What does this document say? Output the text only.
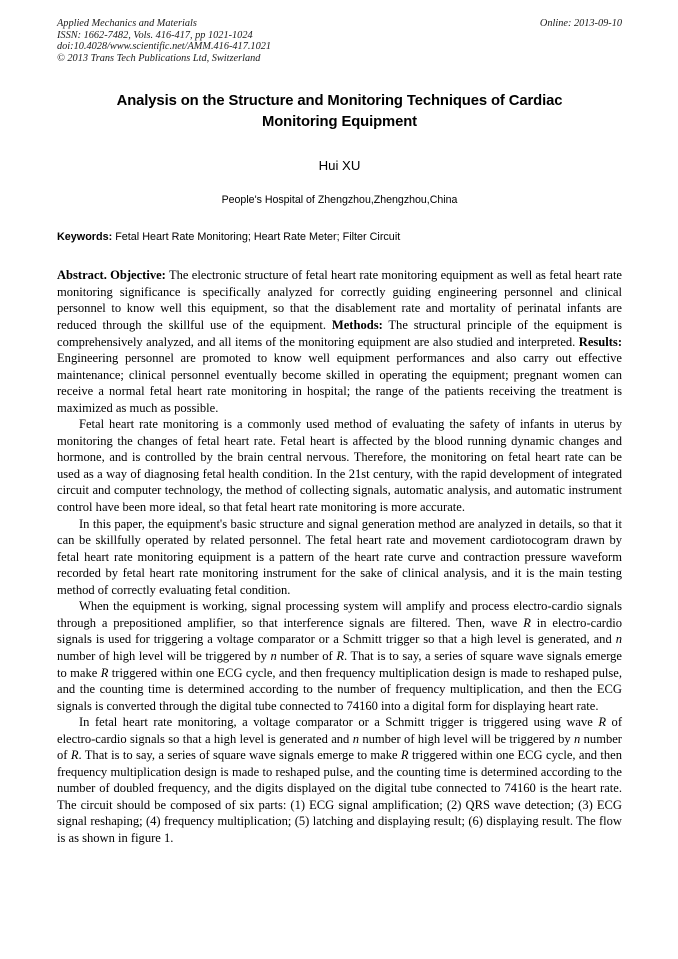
Applied Mechanics and Materials
ISSN: 1662-7482, Vols. 416-417, pp 1021-1024
doi:10.4028/www.scientific.net/AMM.416-417.1021
© 2013 Trans Tech Publications Ltd, Switzerland
Online: 2013-09-10
Analysis on the Structure and Monitoring Techniques of Cardiac Monitoring Equipment
Hui XU
People's Hospital of Zhengzhou,Zhengzhou,China
Keywords: Fetal Heart Rate Monitoring; Heart Rate Meter; Filter Circuit

Abstract. Objective: The electronic structure of fetal heart rate monitoring equipment as well as fetal heart rate monitoring significance is specifically analyzed for correctly guiding engineering personnel and clinical personnel to know well this equipment, so that the disablement rate and mortality of perinatal infants are reduced through the skillful use of the equipment. Methods: The structural principle of the equipment is comprehensively analyzed, and all items of the monitoring equipment are also studied and interpreted. Results: Engineering personnel are promoted to know well equipment performances and also carry out effective maintenance; clinical personnel eventually become skilled in operating the equipment; pregnant women can receive a normal fetal heart rate monitoring in hospital; the range of the patients receiving the treatment is maximized as much as possible.

Fetal heart rate monitoring is a commonly used method of evaluating the safety of infants in uterus by monitoring the changes of fetal heart rate. Fetal heart is affected by the blood running dynamic changes and hormone, and is controlled by the brain central nervous. Therefore, the monitoring on fetal heart rate can be used as a way of diagnosing fetal health condition. In the 21st century, with the rapid development of integrated circuit and computer technology, the method of collecting signals, automatic analysis, and automatic instrument control have been more ideal, so that fetal heart rate monitoring is more accurate.

In this paper, the equipment's basic structure and signal generation method are analyzed in details, so that it can be skillfully operated by related personnel. The fetal heart rate and movement cardiotocogram drawn by fetal heart rate monitoring equipment is a pattern of the heart rate curve and contraction pressure waveform recorded by fetal heart rate monitoring instrument for the sake of clinical analysis, and it is the main testing method of correctly evaluating fetal condition.

When the equipment is working, signal processing system will amplify and process electro-cardio signals through a prepositioned amplifier, so that interference signals are filtered. Then, wave R in electro-cardio signals is used for triggering a voltage comparator or a Schmitt trigger so that a high level is generated, and n number of high level will be triggered by n number of R. That is to say, a series of square wave signals emerge to make R triggered within one ECG cycle, and then frequency multiplication design is made to reshaped pulse, and the counting time is determined according to the number of frequency multiplication, and then the ECG signals is converted through the digital tube connected to 74160 into a digital form for displaying heart rate.

In fetal heart rate monitoring, a voltage comparator or a Schmitt trigger is triggered using wave R of electro-cardio signals so that a high level is generated and n number of high level will be triggered by n number of R. That is to say, a series of square wave signals emerge to make R triggered within one ECG cycle, and then frequency multiplication design is made to reshaped pulse, and the counting time is determined according to the number of doubled frequency, and the digits displayed on the digital tube connected to 74160 is the heart rate. The circuit should be composed of six parts: (1) ECG signal amplification; (2) QRS wave detection; (3) ECG signal reshaping; (4) frequency multiplication; (5) latching and displaying result; (6) displaying result. The flow is as shown in figure 1.
